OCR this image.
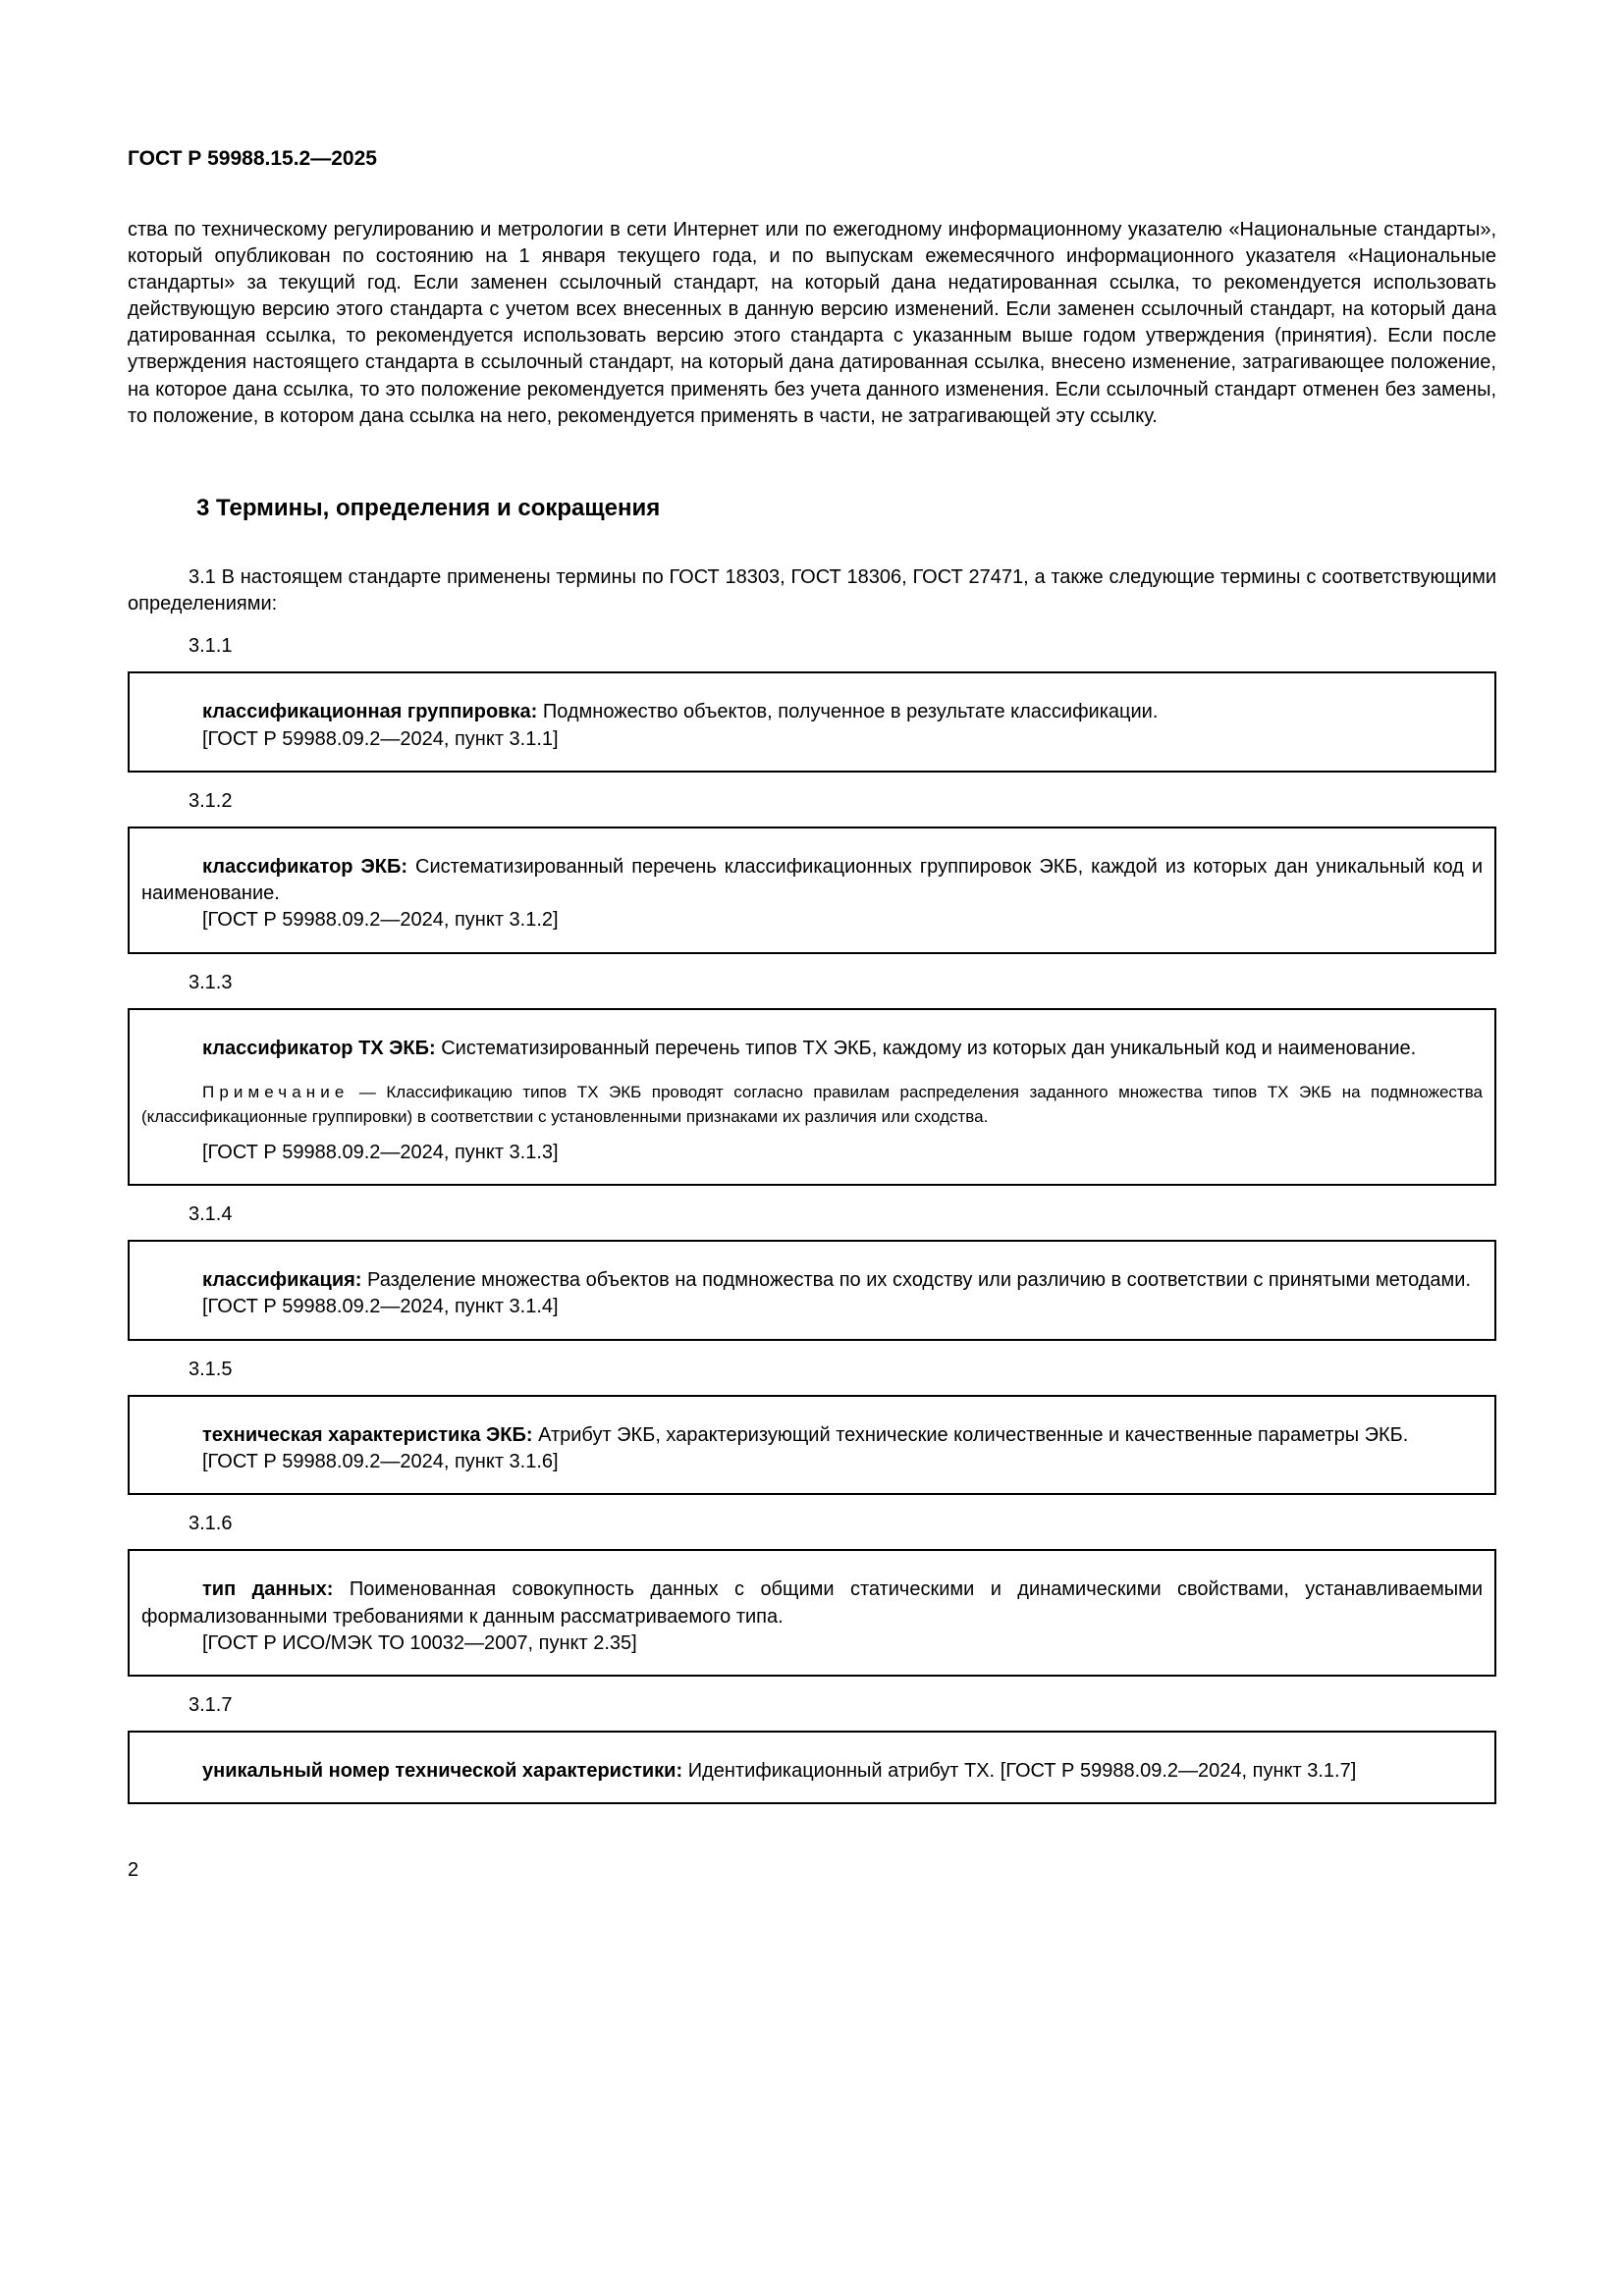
ГОСТ Р 59988.15.2—2025

ства по техническому регулированию и метрологии в сети Интернет или по ежегодному информационному указателю «Национальные стандарты», который опубликован по состоянию на 1 января текущего года, и по выпускам ежемесячного информационного указателя «Национальные стандарты» за текущий год. Если заменен ссылочный стандарт, на который дана недатированная ссылка, то рекомендуется использовать действующую версию этого стандарта с учетом всех внесенных в данную версию изменений. Если заменен ссылочный стандарт, на который дана датированная ссылка, то рекомендуется использовать версию этого стандарта с указанным выше годом утверждения (принятия). Если после утверждения настоящего стандарта в ссылочный стандарт, на который дана датированная ссылка, внесено изменение, затрагивающее положение, на которое дана ссылка, то это положение рекомендуется применять без учета данного изменения. Если ссылочный стандарт отменен без замены, то положение, в котором дана ссылка на него, рекомендуется применять в части, не затрагивающей эту ссылку.

3 Термины, определения и сокращения

3.1 В настоящем стандарте применены термины по ГОСТ 18303, ГОСТ 18306, ГОСТ 27471, а также следующие термины с соответствующими определениями:

3.1.1

классификационная группировка: Подмножество объектов, полученное в результате классификации.

[ГОСТ Р 59988.09.2—2024, пункт 3.1.1]

3.1.2

классификатор ЭКБ: Систематизированный перечень классификационных группировок ЭКБ, каждой из которых дан уникальный код и наименование.

[ГОСТ Р 59988.09.2—2024, пункт 3.1.2]

3.1.3

классификатор ТХ ЭКБ: Систематизированный перечень типов ТХ ЭКБ, каждому из которых дан уникальный код и наименование.

Примечание — Классификацию типов ТХ ЭКБ проводят согласно правилам распределения заданного множества типов ТХ ЭКБ на подмножества (классификационные группировки) в соответствии с установленными признаками их различия или сходства.

[ГОСТ Р 59988.09.2—2024, пункт 3.1.3]

3.1.4

классификация: Разделение множества объектов на подмножества по их сходству или различию в соответствии с принятыми методами.

[ГОСТ Р 59988.09.2—2024, пункт 3.1.4]

3.1.5

техническая характеристика ЭКБ: Атрибут ЭКБ, характеризующий технические количественные и качественные параметры ЭКБ.

[ГОСТ Р 59988.09.2—2024, пункт 3.1.6]

3.1.6

тип данных: Поименованная совокупность данных с общими статическими и динамическими свойствами, устанавливаемыми формализованными требованиями к данным рассматриваемого типа.

[ГОСТ Р ИСО/МЭК ТО 10032—2007, пункт 2.35]

3.1.7

уникальный номер технической характеристики: Идентификационный атрибут ТХ. [ГОСТ Р 59988.09.2—2024, пункт 3.1.7]

2
